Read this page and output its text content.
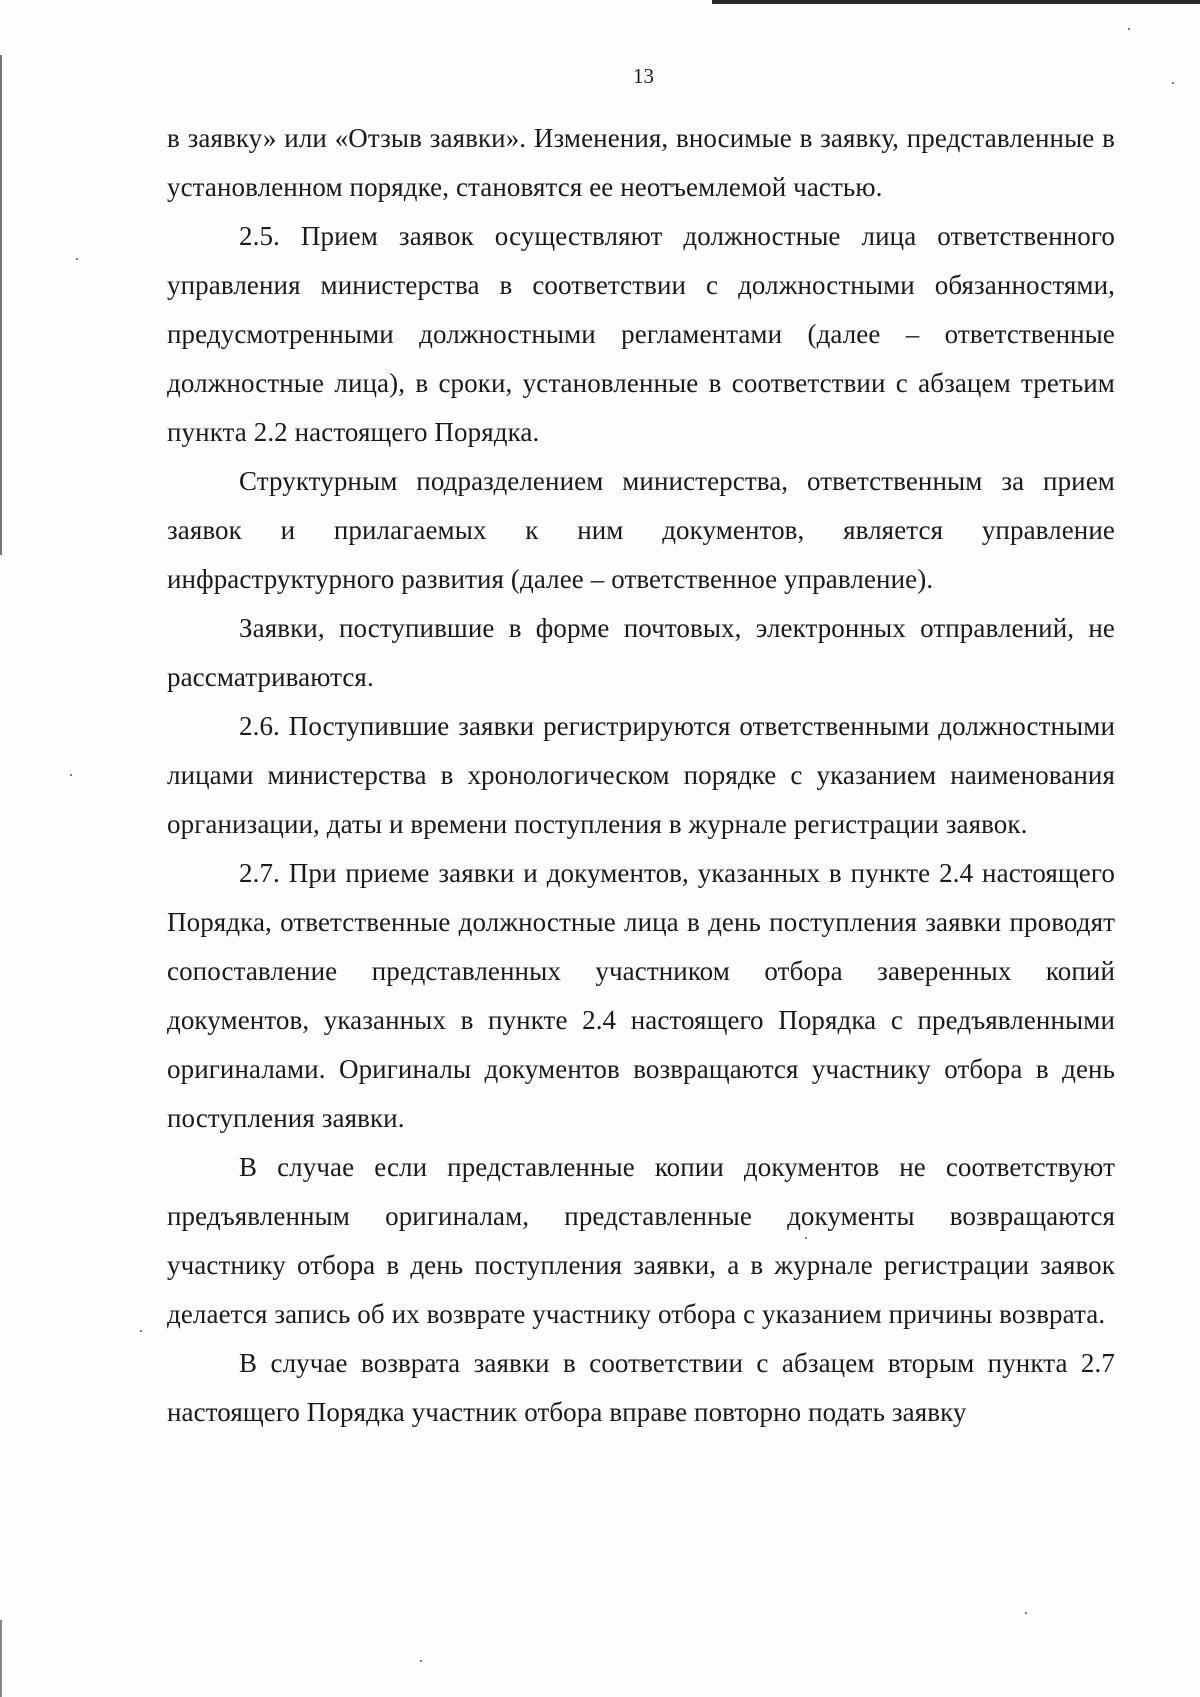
13

в заявку» или «Отзыв заявки». Изменения, вносимые в заявку, представленные в установленном порядке, становятся ее неотъемлемой частью.

2.5. Прием заявок осуществляют должностные лица ответственного управления министерства в соответствии с должностными обязанностями, предусмотренными должностными регламентами (далее – ответственные должностные лица), в сроки, установленные в соответствии с абзацем третьим пункта 2.2 настоящего Порядка.

Структурным подразделением министерства, ответственным за прием заявок и прилагаемых к ним документов, является управление инфраструктурного развития (далее – ответственное управление).

Заявки, поступившие в форме почтовых, электронных отправлений, не рассматриваются.

2.6. Поступившие заявки регистрируются ответственными должностными лицами министерства в хронологическом порядке с указанием наименования организации, даты и времени поступления в журнале регистрации заявок.

2.7. При приеме заявки и документов, указанных в пункте 2.4 настоящего Порядка, ответственные должностные лица в день поступления заявки проводят сопоставление представленных участником отбора заверенных копий документов, указанных в пункте 2.4 настоящего Порядка с предъявленными оригиналами. Оригиналы документов возвращаются участнику отбора в день поступления заявки.

В случае если представленные копии документов не соответствуют предъявленным оригиналам, представленные документы возвращаются участнику отбора в день поступления заявки, а в журнале регистрации заявок делается запись об их возврате участнику отбора с указанием причины возврата.

В случае возврата заявки в соответствии с абзацем вторым пункта 2.7 настоящего Порядка участник отбора вправе повторно подать заявку
